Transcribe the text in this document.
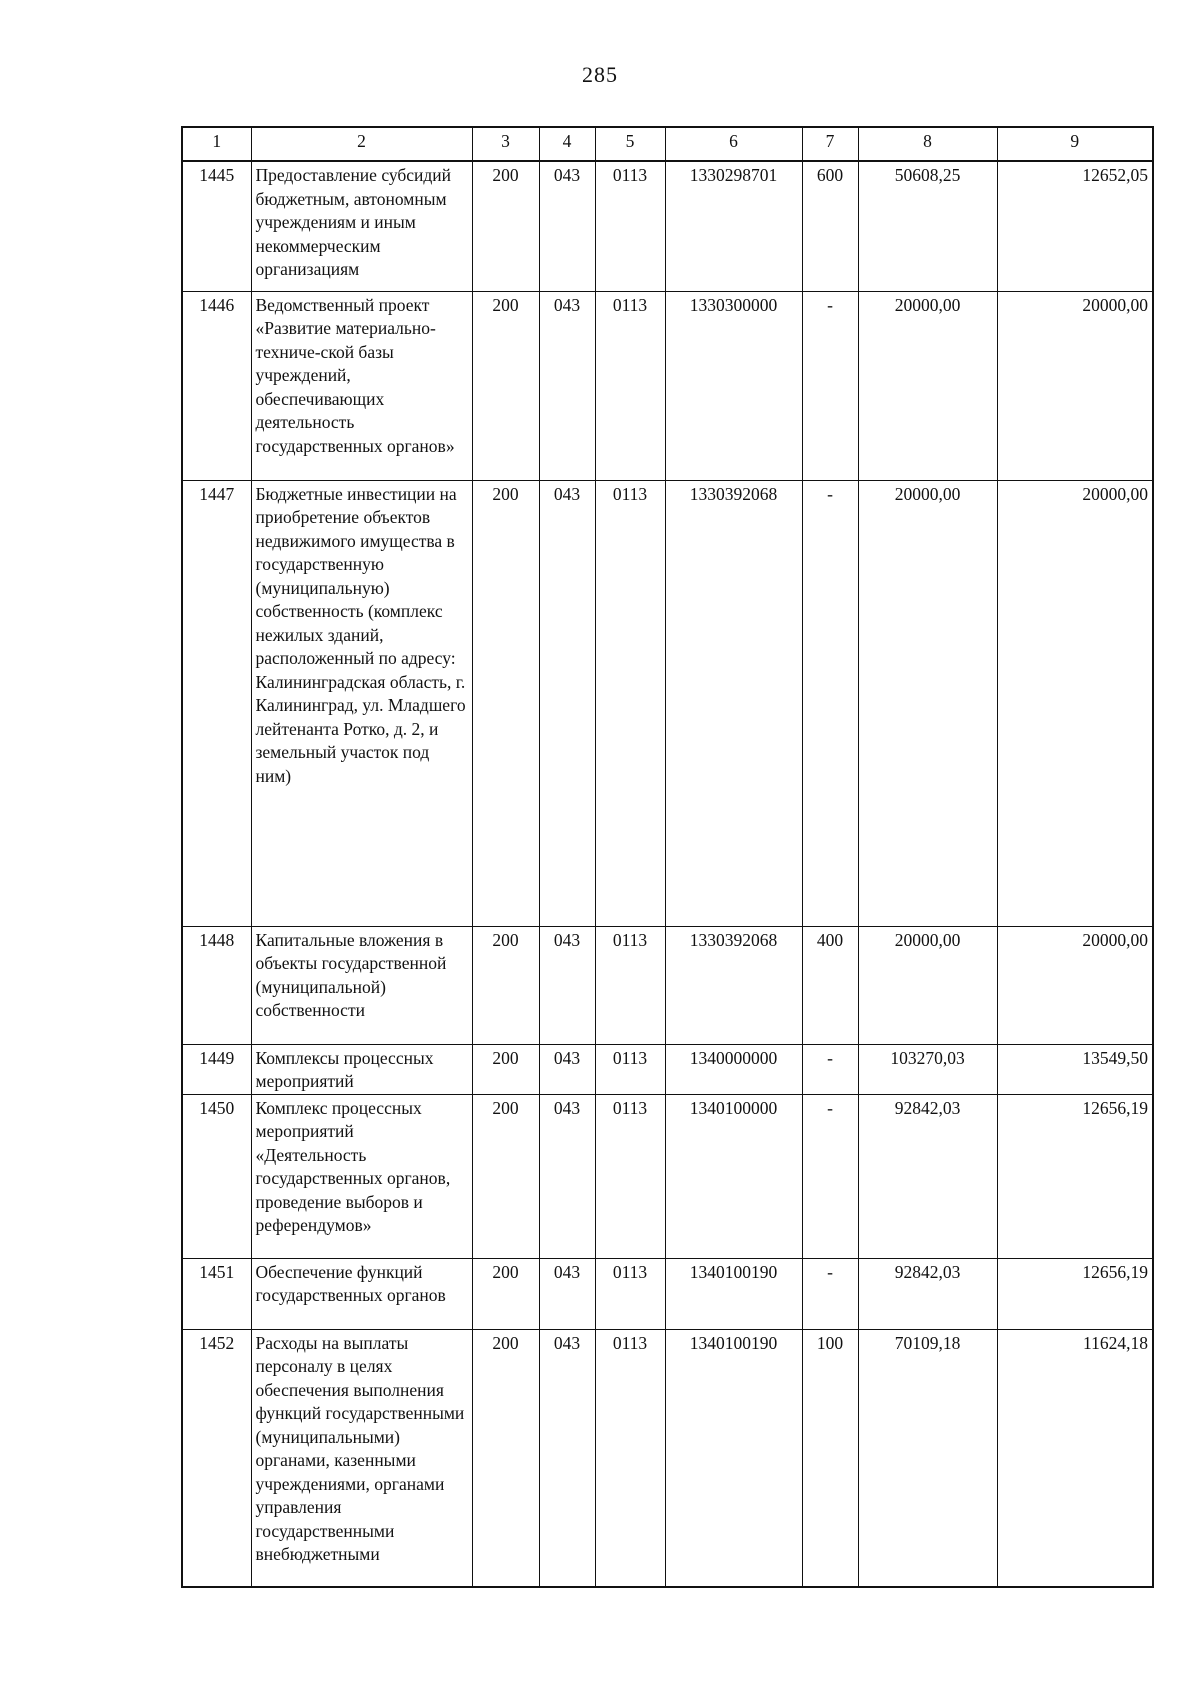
285
1	2	3	4	5	6	7	8	9
1445	Предоставление субсидий бюджетным, автономным учреждениям и иным некоммерческим организациям	200	043	0113	1330298701	600	50608,25	12652,05
1446	Ведомственный проект «Развитие материально-техниче-ской базы учреждений, обеспечивающих деятельность государственных органов»	200	043	0113	1330300000	-	20000,00	20000,00
1447	Бюджетные инвестиции на приобретение объектов недвижимого имущества в государственную (муниципальную) собственность (комплекс нежилых зданий, расположенный по адресу: Калининградская область, г. Калининград, ул. Младшего лейтенанта Ротко, д. 2, и земельный участок под ним)	200	043	0113	1330392068	-	20000,00	20000,00
1448	Капитальные вложения в объекты государственной (муниципальной) собственности	200	043	0113	1330392068	400	20000,00	20000,00
1449	Комплексы процессных мероприятий	200	043	0113	1340000000	-	103270,03	13549,50
1450	Комплекс процессных мероприятий «Деятельность государственных органов, проведение выборов и референдумов»	200	043	0113	1340100000	-	92842,03	12656,19
1451	Обеспечение функций государственных органов	200	043	0113	1340100190	-	92842,03	12656,19
1452	Расходы на выплаты персоналу в целях обеспечения выполнения функций государственными (муниципальными) органами, казенными учреждениями, органами управления государственными внебюджетными	200	043	0113	1340100190	100	70109,18	11624,18
